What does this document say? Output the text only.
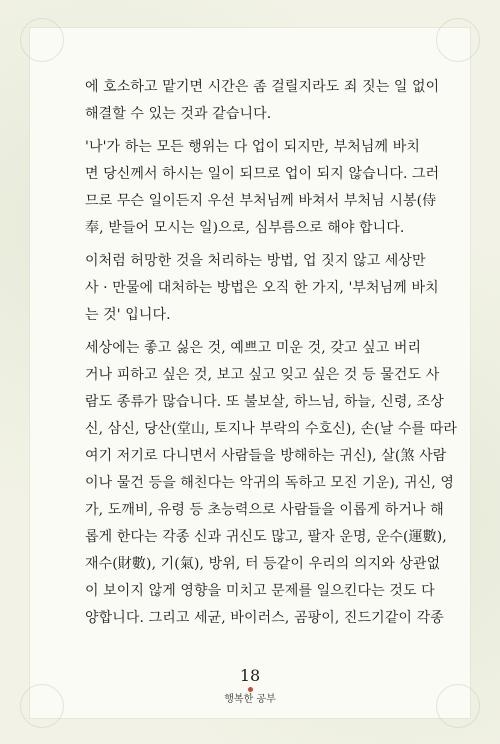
에 호소하고 맡기면 시간은 좀 걸릴지라도 죄 짓는 일 없이
해결할 수 있는 것과 같습니다.
'나'가 하는 모든 행위는 다 업이 되지만, 부처님께 바치
면 당신께서 하시는 일이 되므로 업이 되지 않습니다. 그러
므로 무슨 일이든지 우선 부처님께 바쳐서 부처님 시봉(侍
奉, 받들어 모시는 일)으로, 심부름으로 해야 합니다.
이처럼 허망한 것을 처리하는 방법, 업 짓지 않고 세상만
사 · 만물에 대처하는 방법은 오직 한 가지, '부처님께 바치
는 것' 입니다.
세상에는 좋고 싫은 것, 예쁘고 미운 것, 갖고 싶고 버리
거나 피하고 싶은 것, 보고 싶고 잊고 싶은 것 등 물건도 사
람도 종류가 많습니다. 또 불보살, 하느님, 하늘, 신령, 조상
신, 삼신, 당산(堂山, 토지나 부락의 수호신), 손(날 수를 따라
여기 저기로 다니면서 사람들을 방해하는 귀신), 살(煞 사람
이나 물건 등을 해친다는 악귀의 독하고 모진 기운), 귀신, 영
가, 도깨비, 유령 등 초능력으로 사람들을 이롭게 하거나 해
롭게 한다는 각종 신과 귀신도 많고, 팔자 운명, 운수(運數),
재수(財數), 기(氣), 방위, 터 등같이 우리의 의지와 상관없
이 보이지 않게 영향을 미치고 문제를 일으킨다는 것도 다
양합니다. 그리고 세균, 바이러스, 곰팡이, 진드기같이 각종
18
행복한 공부
